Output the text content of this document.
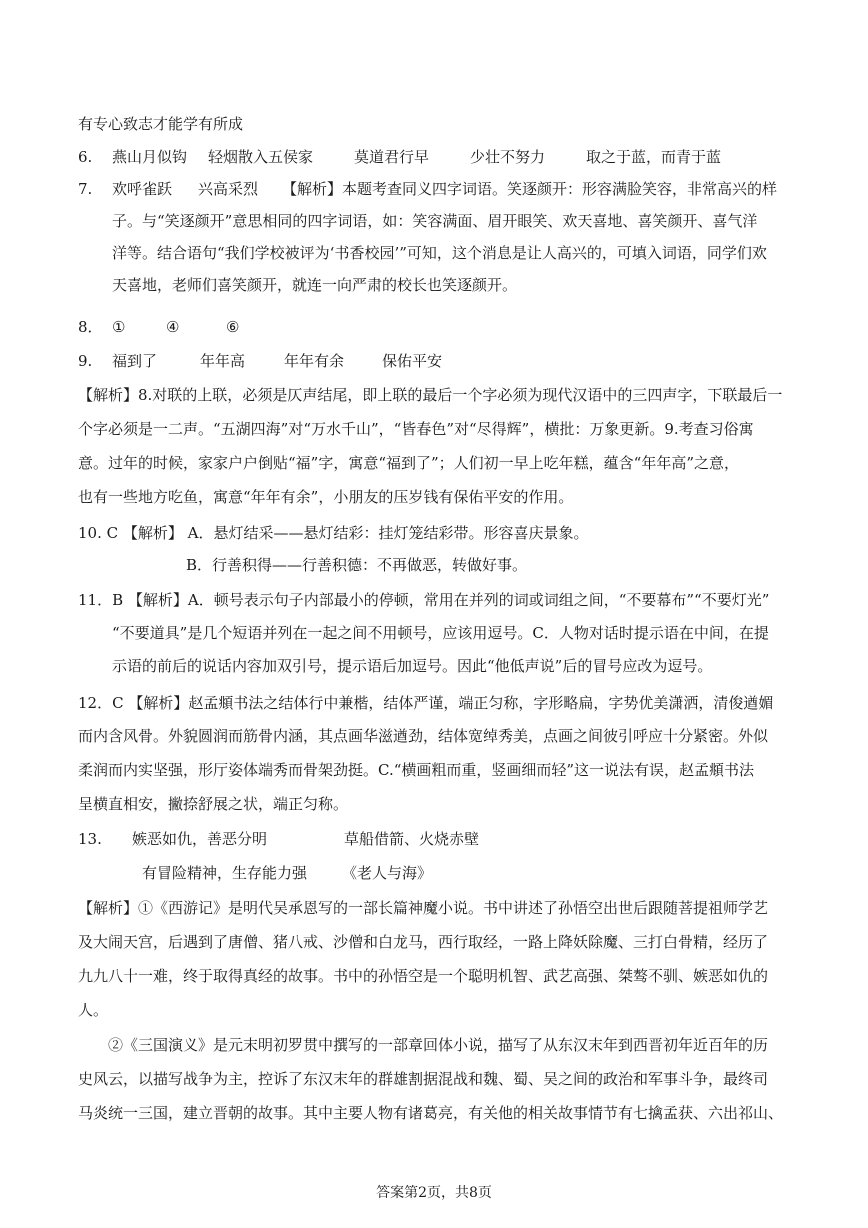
有专心致志才能学有所成
6.	燕山月似钩	轻烟散入五侯家	莫道君行早	少壮不努力	取之于蓝，而青于蓝
7.	欢呼雀跃	兴高采烈	【解析】本题考查同义四字词语。笑逐颜开：形容满脸笑容，非常高兴的样
子。与“笑逐颜开”意思相同的四字词语，如：笑容满面、眉开眼笑、欢天喜地、喜笑颜开、喜气洋
洋等。结合语句“我们学校被评为‘书香校园’”可知，这个消息是让人高兴的，可填入词语，同学们欢
天喜地，老师们喜笑颜开，就连一向严肃的校长也笑逐颜开。
8． ①	④	⑥
9.	福到了	年年高	年年有余	保佑平安
【解析】8.对联的上联，必须是仄声结尾，即上联的最后一个字必须为现代汉语中的三四声字，下联最后一
个字必须是一二声。“五湖四海”对“万水千山”，“皆春色”对“尽得辉”，横批：万象更新。9.考查习俗寓
意。过年的时候，家家户户倒贴“福”字，寓意“福到了”；人们初一早上吃年糕，蕴含“年年高”之意，
也有一些地方吃鱼，寓意“年年有余”，小朋友的压岁钱有保佑平安的作用。
10. C 【解析】 A．悬灯结采——悬灯结彩：挂灯笼结彩带。形容喜庆景象。
B．行善积得——行善积德：不再做恶，转做好事。
11．B 【解析】A．顿号表示句子内部最小的停顿，常用在并列的词或词组之间，“不要幕布”“不要灯光”
“不要道具”是几个短语并列在一起之间不用顿号，应该用逗号。C．人物对话时提示语在中间，在提
示语的前后的说话内容加双引号，提示语后加逗号。因此“他低声说”后的冒号应改为逗号。
12．C 【解析】赵孟頫书法之结体行中兼楷，结体严谨，端正匀称，字形略扁，字势优美潇洒，清俊遒媚
而内含风骨。外貌圆润而筋骨内涵，其点画华滋遒劲，结体宽绰秀美，点画之间彼引呼应十分紧密。外似
柔润而内实坚强，形厅姿体端秀而骨架劲挺。C.“横画粗而重，竖画细而轻”这一说法有误，赵孟頫书法
呈横直相安，撇捺舒展之状，端正匀称。
13.	嫉恶如仇，善恶分明	草船借箭、火烧赤壁
有冒险精神，生存能力强 《老人与海》
【解析】①《西游记》是明代吴承恩写的一部长篇神魔小说。书中讲述了孙悟空出世后跟随菩提祖师学艺
及大闹天宫，后遇到了唐僧、猪八戒、沙僧和白龙马，西行取经，一路上降妖除魔、三打白骨精，经历了
九九八十一难，终于取得真经的故事。书中的孙悟空是一个聪明机智、武艺高强、桀骜不驯、嫉恶如仇的
人。
②《三国演义》是元末明初罗贯中撰写的一部章回体小说，描写了从东汉末年到西晋初年近百年的历
史风云，以描写战争为主，控诉了东汉末年的群雄割据混战和魏、蜀、吴之间的政治和军事斗争，最终司
马炎统一三国，建立晋朝的故事。其中主要人物有诸葛亮，有关他的相关故事情节有七擒孟获、六出祁山、
答案第2页，共8页
